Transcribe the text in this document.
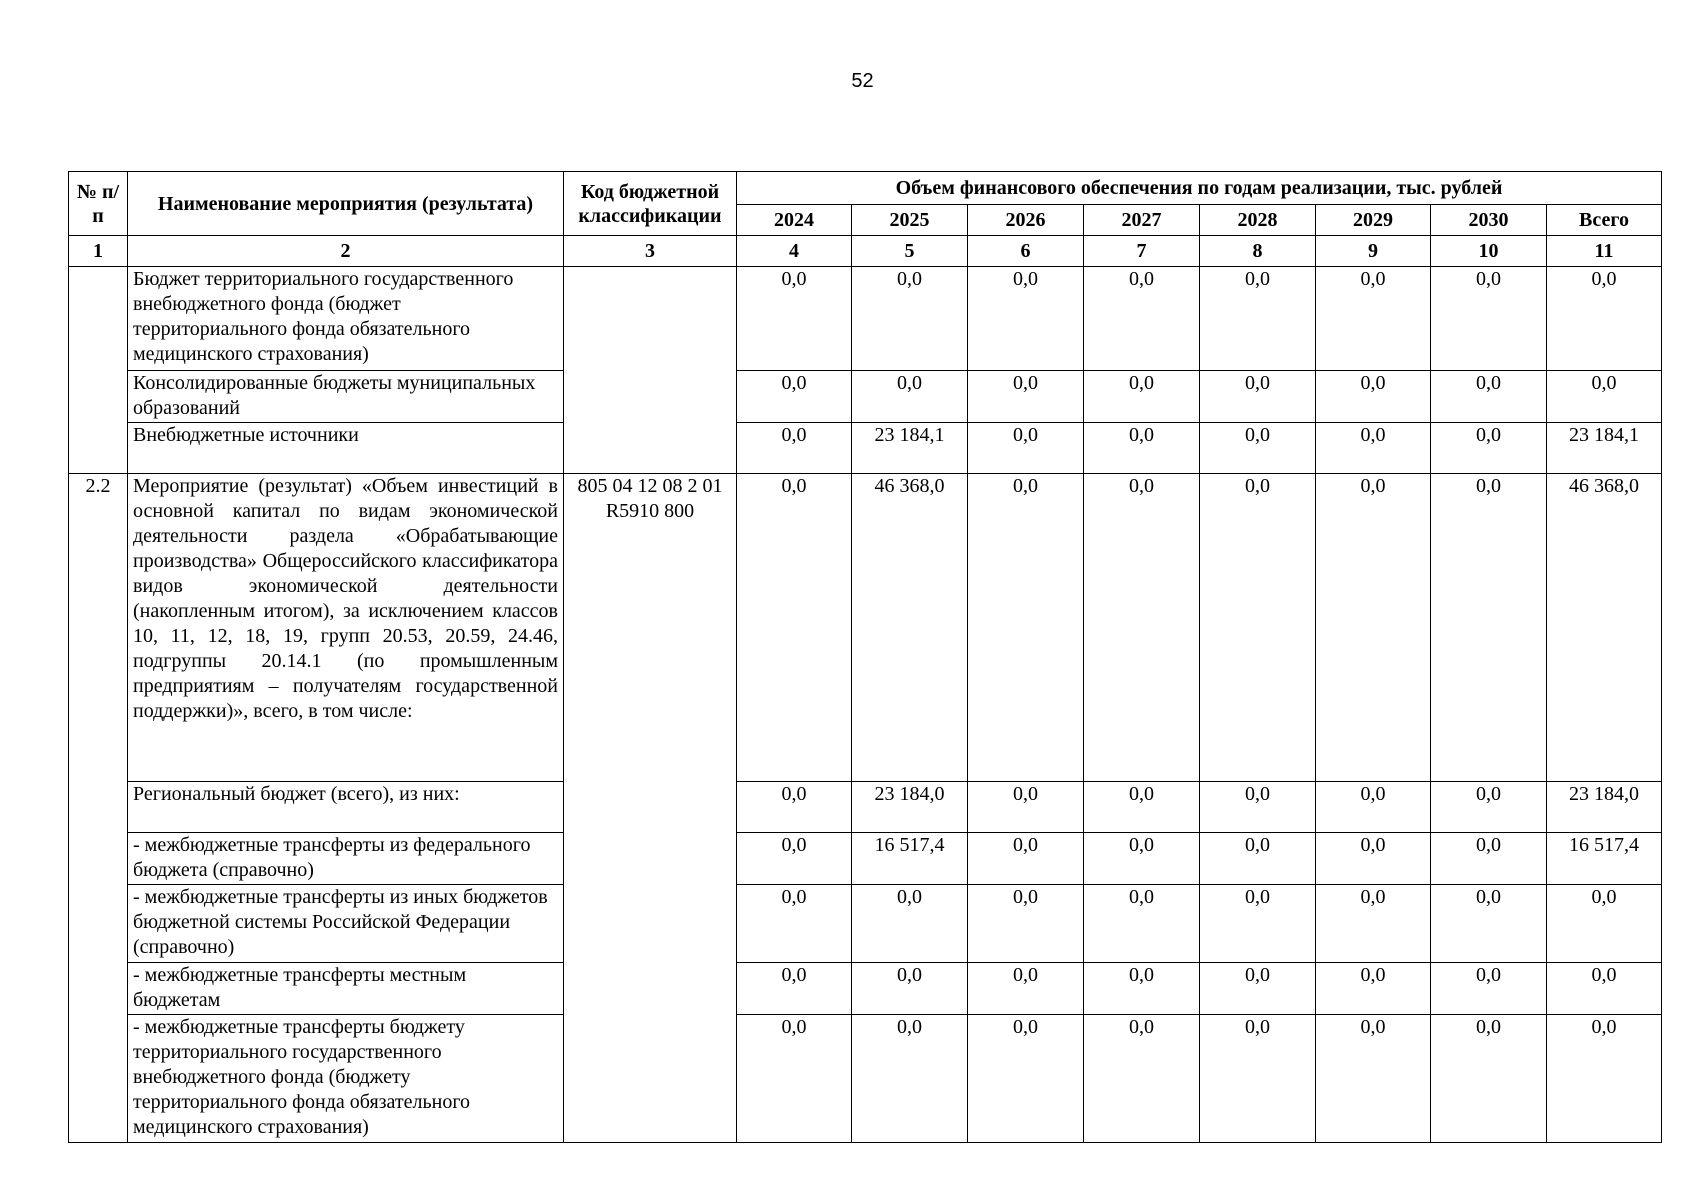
52
№ п/п	Наименование мероприятия (результата)	Код бюджетной классификации	Объем финансового обеспечения по годам реализации, тыс. рублей							
			2024	2025	2026	2027	2028	2029	2030	Всего
1	2	3	4	5	6	7	8	9	10	11
	Бюджет территориального государственного внебюджетного фонда (бюджет территориального фонда обязательного медицинского страхования)		0,0	0,0	0,0	0,0	0,0	0,0	0,0	0,0
	Консолидированные бюджеты муниципальных образований		0,0	0,0	0,0	0,0	0,0	0,0	0,0	0,0
	Внебюджетные источники		0,0	23 184,1	0,0	0,0	0,0	0,0	0,0	23 184,1
2.2	Мероприятие (результат) «Объем инвестиций в основной капитал по видам экономической деятельности раздела «Обрабатывающие производства» Общероссийского классификатора видов экономической деятельности (накопленным итогом), за исключением классов 10, 11, 12, 18, 19, групп 20.53, 20.59, 24.46, подгруппы 20.14.1 (по промышленным предприятиям – получателям государственной поддержки)», всего, в том числе:	805 04 12 08 2 01 R5910 800	0,0	46 368,0	0,0	0,0	0,0	0,0	0,0	46 368,0
	Региональный бюджет (всего), из них:		0,0	23 184,0	0,0	0,0	0,0	0,0	0,0	23 184,0
	- межбюджетные трансферты из федерального бюджета (справочно)		0,0	16 517,4	0,0	0,0	0,0	0,0	0,0	16 517,4
	- межбюджетные трансферты из иных бюджетов бюджетной системы Российской Федерации (справочно)		0,0	0,0	0,0	0,0	0,0	0,0	0,0	0,0
	- межбюджетные трансферты местным бюджетам		0,0	0,0	0,0	0,0	0,0	0,0	0,0	0,0
	- межбюджетные трансферты бюджету территориального государственного внебюджетного фонда (бюджету территориального фонда обязательного медицинского страхования)		0,0	0,0	0,0	0,0	0,0	0,0	0,0	0,0
